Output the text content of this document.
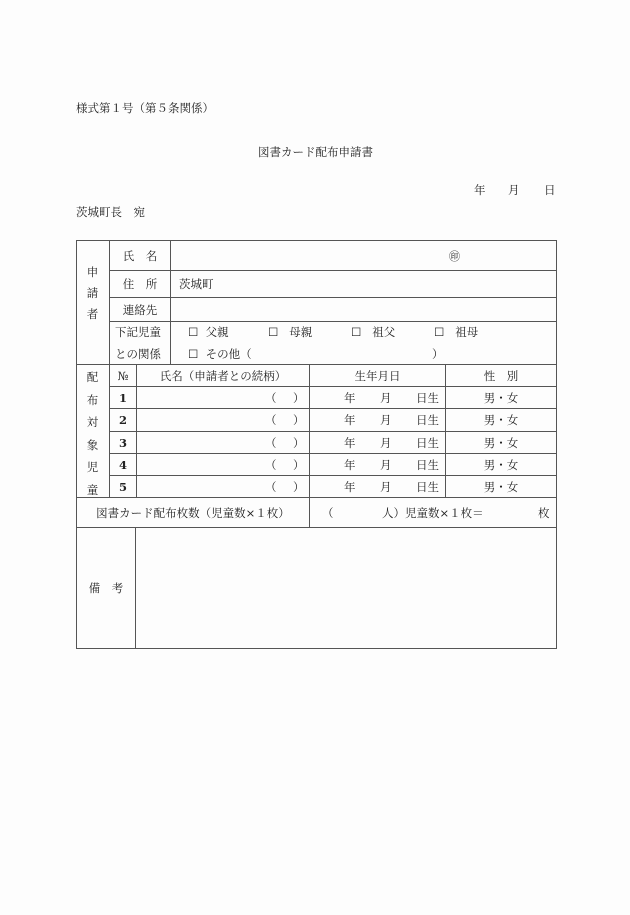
様式第１号（第５条関係）
図書カード配布申請書
年 月 日
茨城町長　宛
申
請
者
氏　名	㊞
住　所	茨城町
連絡先
下記児童
との関係
☐ 父親	☐ 母親	☐ 祖父	☐ 祖母
☐ その他（	）
配
布
対
象
児
童
№	氏名（申請者との続柄）	生年月日	性　別
1	（ ）	年 月 日生	男・女
2	（ ）	年 月 日生	男・女
3	（ ）	年 月 日生	男・女
4	（ ）	年 月 日生	男・女
5	（ ）	年 月 日生	男・女
図書カード配布枚数（児童数×１枚）	（	人）児童数×１枚＝	枚
備　考
